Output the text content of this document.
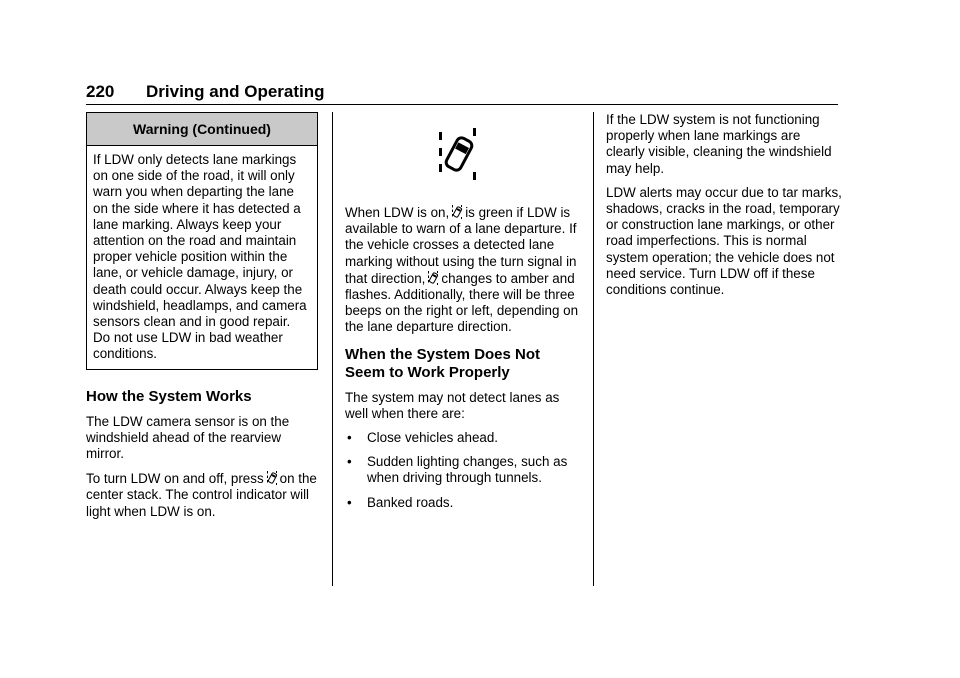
220 Driving and Operating
Warning (Continued)
If LDW only detects lane markings on one side of the road, it will only warn you when departing the lane on the side where it has detected a lane marking. Always keep your attention on the road and maintain proper vehicle position within the lane, or vehicle damage, injury, or death could occur. Always keep the windshield, headlamps, and camera sensors clean and in good repair. Do not use LDW in bad weather conditions.
How the System Works

The LDW camera sensor is on the windshield ahead of the rearview mirror.

To turn LDW on and off, press on the center stack. The control indicator will light when LDW is on.

When LDW is on, is green if LDW is available to warn of a lane departure. If the vehicle crosses a detected lane marking without using the turn signal in that direction, changes to amber and flashes. Additionally, there will be three beeps on the right or left, depending on the lane departure direction.

When the System Does Not Seem to Work Properly

The system may not detect lanes as well when there are:

• Close vehicles ahead.
• Sudden lighting changes, such as when driving through tunnels.
• Banked roads.

If the LDW system is not functioning properly when lane markings are clearly visible, cleaning the windshield may help.

LDW alerts may occur due to tar marks, shadows, cracks in the road, temporary or construction lane markings, or other road imperfections. This is normal system operation; the vehicle does not need service. Turn LDW off if these conditions continue.
